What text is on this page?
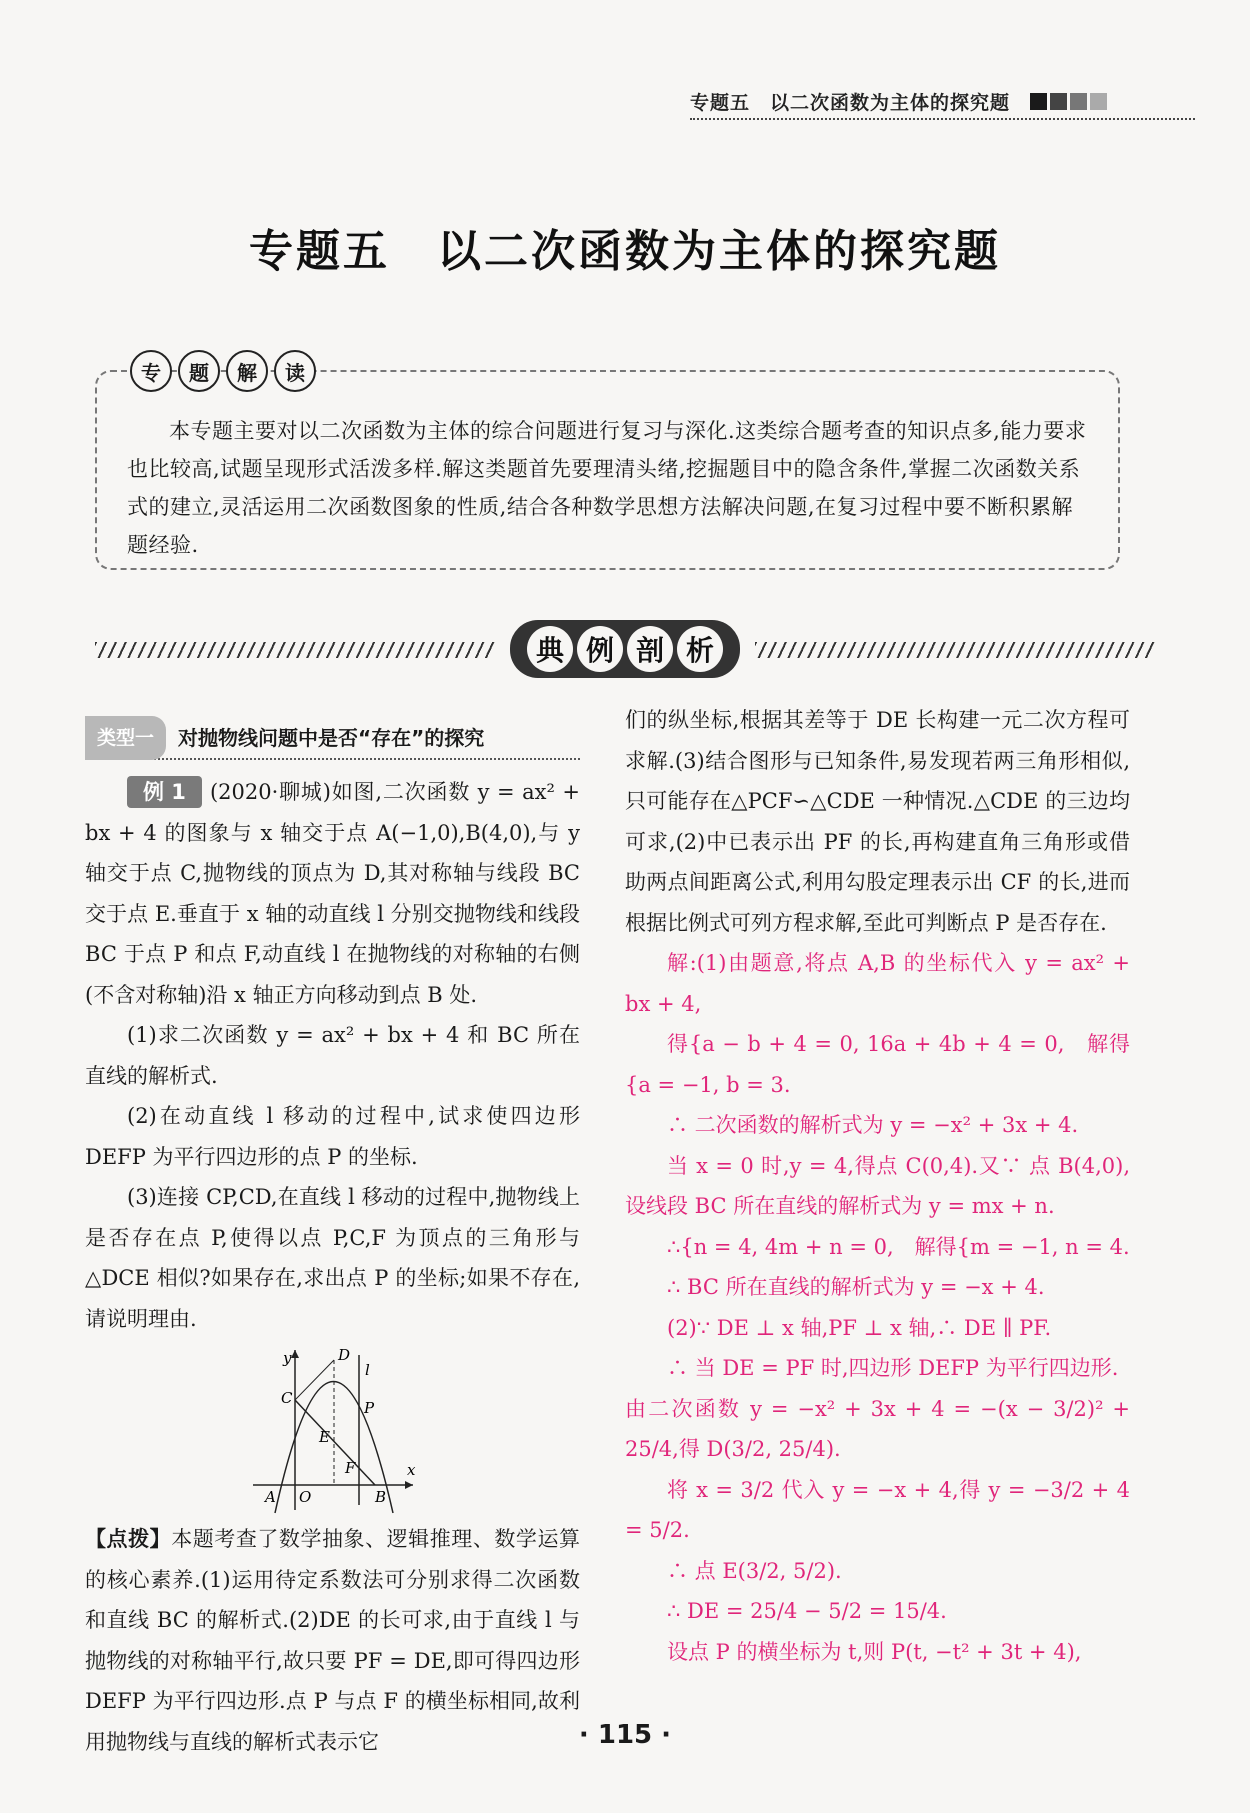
专题五　以二次函数为主体的探究题
专题五　以二次函数为主体的探究题
专	题	解	读

本专题主要对以二次函数为主体的综合问题进行复习与深化.这类综合题考查的知识点多,能力要求也比较高,试题呈现形式活泼多样.解这类题首先要理清头绪,挖掘题目中的隐含条件,掌握二次函数关系式的建立,灵活运用二次函数图象的性质,结合各种数学思想方法解决问题,在复习过程中要不断积累解题经验.

典 例 剖 析
类型一	对抛物线问题中是否“存在”的探究

例 1 (2020·聊城)如图,二次函数 y = ax² + bx + 4 的图象与 x 轴交于点 A(−1,0),B(4,0),与 y 轴交于点 C,抛物线的顶点为 D,其对称轴与线段 BC 交于点 E.垂直于 x 轴的动直线 l 分别交抛物线和线段 BC 于点 P 和点 F,动直线 l 在抛物线的对称轴的右侧(不含对称轴)沿 x 轴正方向移动到点 B 处.

(1)求二次函数 y = ax² + bx + 4 和 BC 所在直线的解析式.

(2)在动直线 l 移动的过程中,试求使四边形 DEFP 为平行四边形的点 P 的坐标.

(3)连接 CP,CD,在直线 l 移动的过程中,抛物线上是否存在点 P,使得以点 P,C,F 为顶点的三角形与△DCE 相似?如果存在,求出点 P 的坐标;如果不存在,请说明理由.

y
x
O
A	B
C
D
E
F
P
l

【点拨】本题考查了数学抽象、逻辑推理、数学运算的核心素养.(1)运用待定系数法可分别求得二次函数和直线 BC 的解析式.(2)DE 的长可求,由于直线 l 与抛物线的对称轴平行,故只要 PF = DE,即可得四边形 DEFP 为平行四边形.点 P 与点 F 的横坐标相同,故利用抛物线与直线的解析式表示它

们的纵坐标,根据其差等于 DE 长构建一元二次方程可求解.(3)结合图形与已知条件,易发现若两三角形相似,只可能存在△PCF∽△CDE 一种情况.△CDE 的三边均可求,(2)中已表示出 PF 的长,再构建直角三角形或借助两点间距离公式,利用勾股定理表示出 CF 的长,进而根据比例式可列方程求解,至此可判断点 P 是否存在.

解:(1)由题意,将点 A,B 的坐标代入 y = ax² + bx + 4,

得{a − b + 4 = 0, 16a + 4b + 4 = 0,　解得{a = −1, b = 3.

∴ 二次函数的解析式为 y = −x² + 3x + 4.

当 x = 0 时,y = 4,得点 C(0,4).又∵ 点 B(4,0),设线段 BC 所在直线的解析式为 y = mx + n.

∴{n = 4, 4m + n = 0,　解得{m = −1, n = 4.

∴ BC 所在直线的解析式为 y = −x + 4.

(2)∵ DE ⊥ x 轴,PF ⊥ x 轴,∴ DE ∥ PF.

∴ 当 DE = PF 时,四边形 DEFP 为平行四边形.

由二次函数 y = −x² + 3x + 4 = −(x − 3/2)² + 25/4,得 D(3/2, 25/4).

将 x = 3/2 代入 y = −x + 4,得 y = −3/2 + 4 = 5/2.

∴ 点 E(3/2, 5/2).

∴ DE = 25/4 − 5/2 = 15/4.

设点 P 的横坐标为 t,则 P(t, −t² + 3t + 4),

· 115 ·
